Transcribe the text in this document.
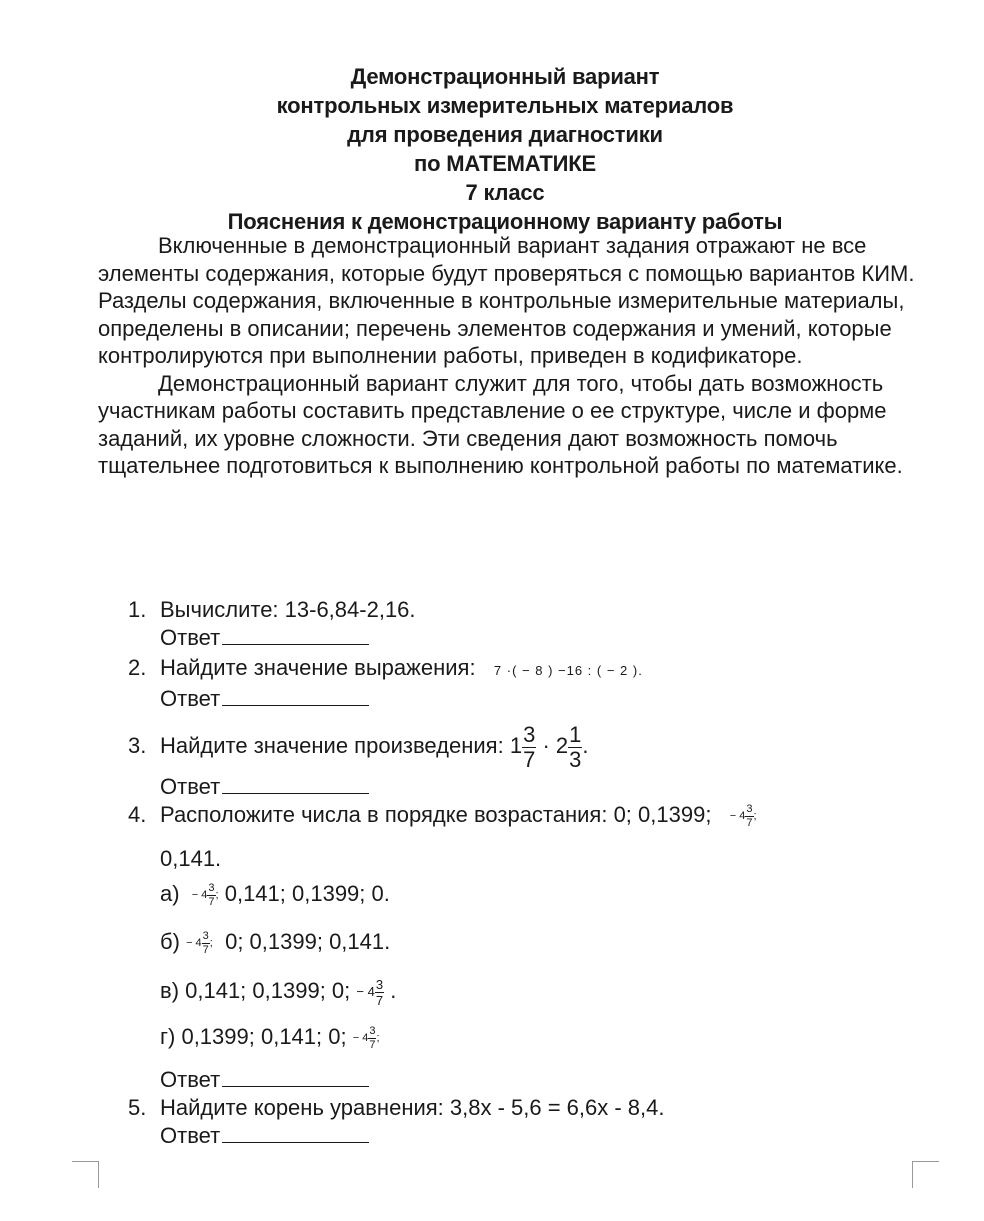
Демонстрационный вариант
контрольных измерительных материалов
для проведения диагностики
по МАТЕМАТИКЕ
7 класс
Пояснения к демонстрационному варианту работы

Включенные в демонстрационный вариант задания отражают не все элементы содержания, которые будут проверяться с помощью вариантов КИМ. Разделы содержания, включенные в контрольные измерительные материалы, определены в описании; перечень элементов содержания и умений, которые контролируются при выполнении работы, приведен в кодификаторе.

Демонстрационный вариант служит для того, чтобы дать возможность участникам работы составить представление о ее структуре, числе и форме заданий, их уровне сложности. Эти сведения дают возможность помочь тщательнее подготовиться к выполнению контрольной работы по математике.

1. Вычислите: 13-6,84-2,16.
Ответ
2. Найдите значение выражения: 7 ·( − 8 ) −16 : ( − 2 ).
Ответ
3. Найдите значение произведения: $1 \frac{3}{7} \cdot 2 \frac{1}{3}$ .
Ответ
4. Расположите числа в порядке возрастания: 0; 0,1399; − $4 \frac{3}{7}$ ;
0,141.
$а) - 4 \frac{3}{7}$ ; 0,141; 0,1399; 0.
$б) - 4 \frac{3}{7}$ ; 0; 0,1399; 0,141.
в) 0,141; 0,1399; 0; − $4 \frac{3}{7}$ .
г) 0,1399; 0,141; 0; − $4 \frac{3}{7}$ ;
Ответ
5. Найдите корень уравнения: 3,8x - 5,6 = 6,6x - 8,4.
Ответ
